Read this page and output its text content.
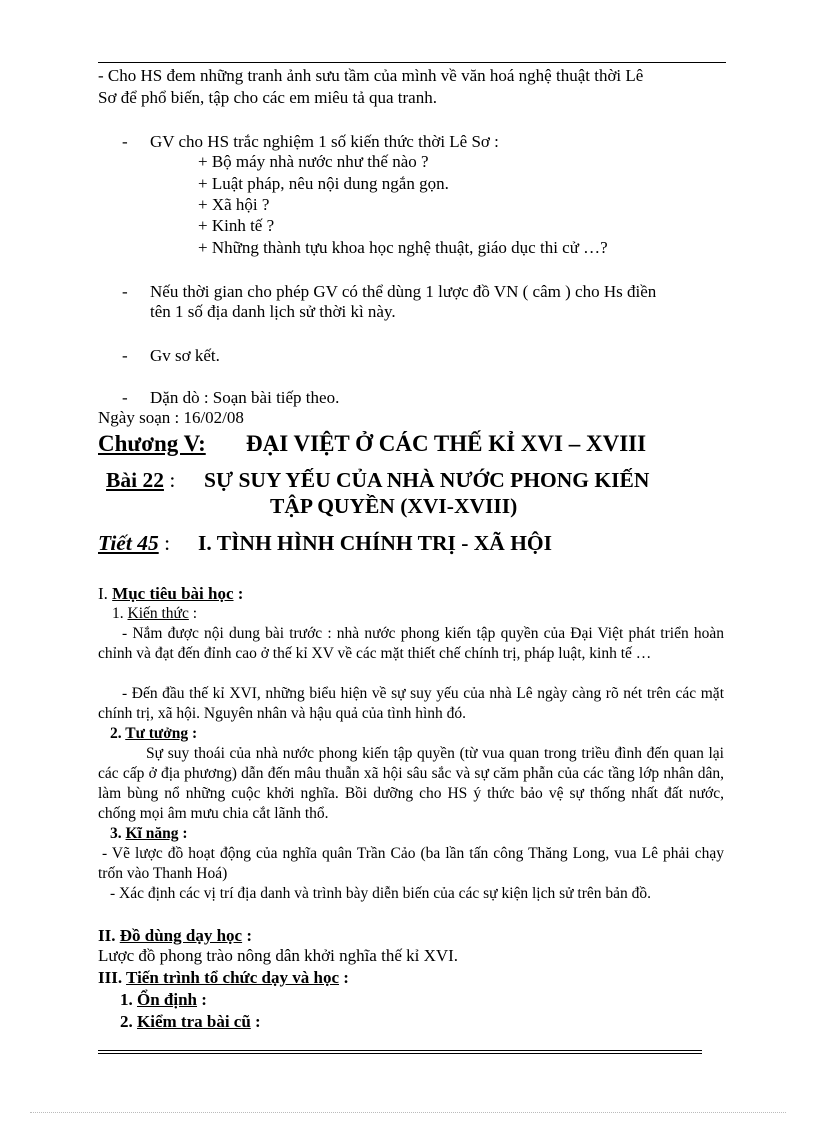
- Cho HS đem những tranh ảnh sưu tầm của mình về văn hoá nghệ thuật thời Lê
Sơ để phổ biến, tập cho các em miêu tả qua tranh.
- GV cho HS trắc nghiệm 1 số kiến thức thời Lê Sơ :
+ Bộ máy nhà nước như thế nào ?
+ Luật pháp, nêu nội dung ngắn gọn.
+ Xã hội ?
+ Kinh tế ?
+ Những thành tựu khoa học nghệ thuật, giáo dục thi cử …?
- Nếu thời gian cho phép GV có thể dùng 1 lược đồ VN ( câm ) cho Hs điền
tên 1 số địa danh lịch sử thời kì này.
- Gv sơ kết.
- Dặn dò : Soạn bài tiếp theo.
Ngày soạn : 16/02/08
Chương V: ĐẠI VIỆT Ở CÁC THẾ KỈ XVI – XVIII
Bài 22 : SỰ SUY YẾU CỦA NHÀ NƯỚC PHONG KIẾN
TẬP QUYỀN (XVI-XVIII)
Tiết 45 : I. TÌNH HÌNH CHÍNH TRỊ - XÃ HỘI
I. Mục tiêu bài học :
1. Kiến thức :
- Nắm được nội dung bài trước : nhà nước phong kiến tập quyền của Đại Việt phát triển hoàn chỉnh và đạt đến đỉnh cao ở thế kỉ XV về các mặt thiết chế chính trị, pháp luật, kinh tế …
- Đến đầu thế kỉ XVI, những biểu hiện về sự suy yếu của nhà Lê ngày càng rõ nét trên các mặt chính trị, xã hội. Nguyên nhân và hậu quả của tình hình đó.
2. Tư tưởng :
Sự suy thoái của nhà nước phong kiến tập quyền (từ vua quan trong triều đình đến quan lại các cấp ở địa phương) dẫn đến mâu thuẫn xã hội sâu sắc và sự căm phẫn của các tầng lớp nhân dân, làm bùng nổ những cuộc khởi nghĩa. Bồi dưỡng cho HS ý thức bảo vệ sự thống nhất đất nước, chống mọi âm mưu chia cắt lãnh thổ.
3. Kĩ năng :
- Vẽ lược đồ hoạt động của nghĩa quân Trần Cảo (ba lần tấn công Thăng Long, vua Lê phải chạy trốn vào Thanh Hoá)
- Xác định các vị trí địa danh và trình bày diễn biến của các sự kiện lịch sử trên bản đồ.
II. Đồ dùng dạy học :
Lược đồ phong trào nông dân khởi nghĩa thế kỉ XVI.
III. Tiến trình tổ chức dạy và học :
1. Ổn định :
2. Kiểm tra bài cũ :
